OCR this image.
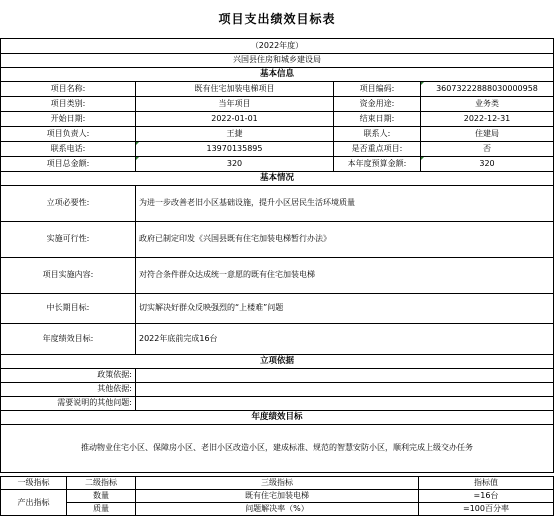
项目支出绩效目标表			
（2022年度）			
兴国县住房和城乡建设局			
基本信息			
项目名称:	既有住宅加装电梯项目	项目编码:	36073222888030000958
项目类别:	当年项目	资金用途:	业务类
开始日期:	2022-01-01	结束日期:	2022-12-31
项目负责人:	王捷	联系人:	住建局
联系电话:	13970135895	是否重点项目:	否
项目总金额:	320	本年度预算金额:	320
基本情况			
立项必要性:	为进一步改善老旧小区基础设施，提升小区居民生活环境质量		
实施可行性:	政府已制定印发《兴国县既有住宅加装电梯暂行办法》		
项目实施内容:	对符合条件群众达成统一意愿的既有住宅加装电梯		
中长期目标:	切实解决好群众反映强烈的“上楼难”问题		
年度绩效目标:	2022年底前完成16台		
立项依据			
政策依据:			
其他依据:			
需要说明的其他问题:			
年度绩效目标			
推动物业住宅小区、保障房小区、老旧小区改造小区，建成标准、规范的智慧安防小区，顺利完成上级交办任务			
一级指标	二级指标	三级指标	指标值
产出指标	数量	既有住宅加装电梯	=16台
	质量	问题解决率（%）	=100百分率
